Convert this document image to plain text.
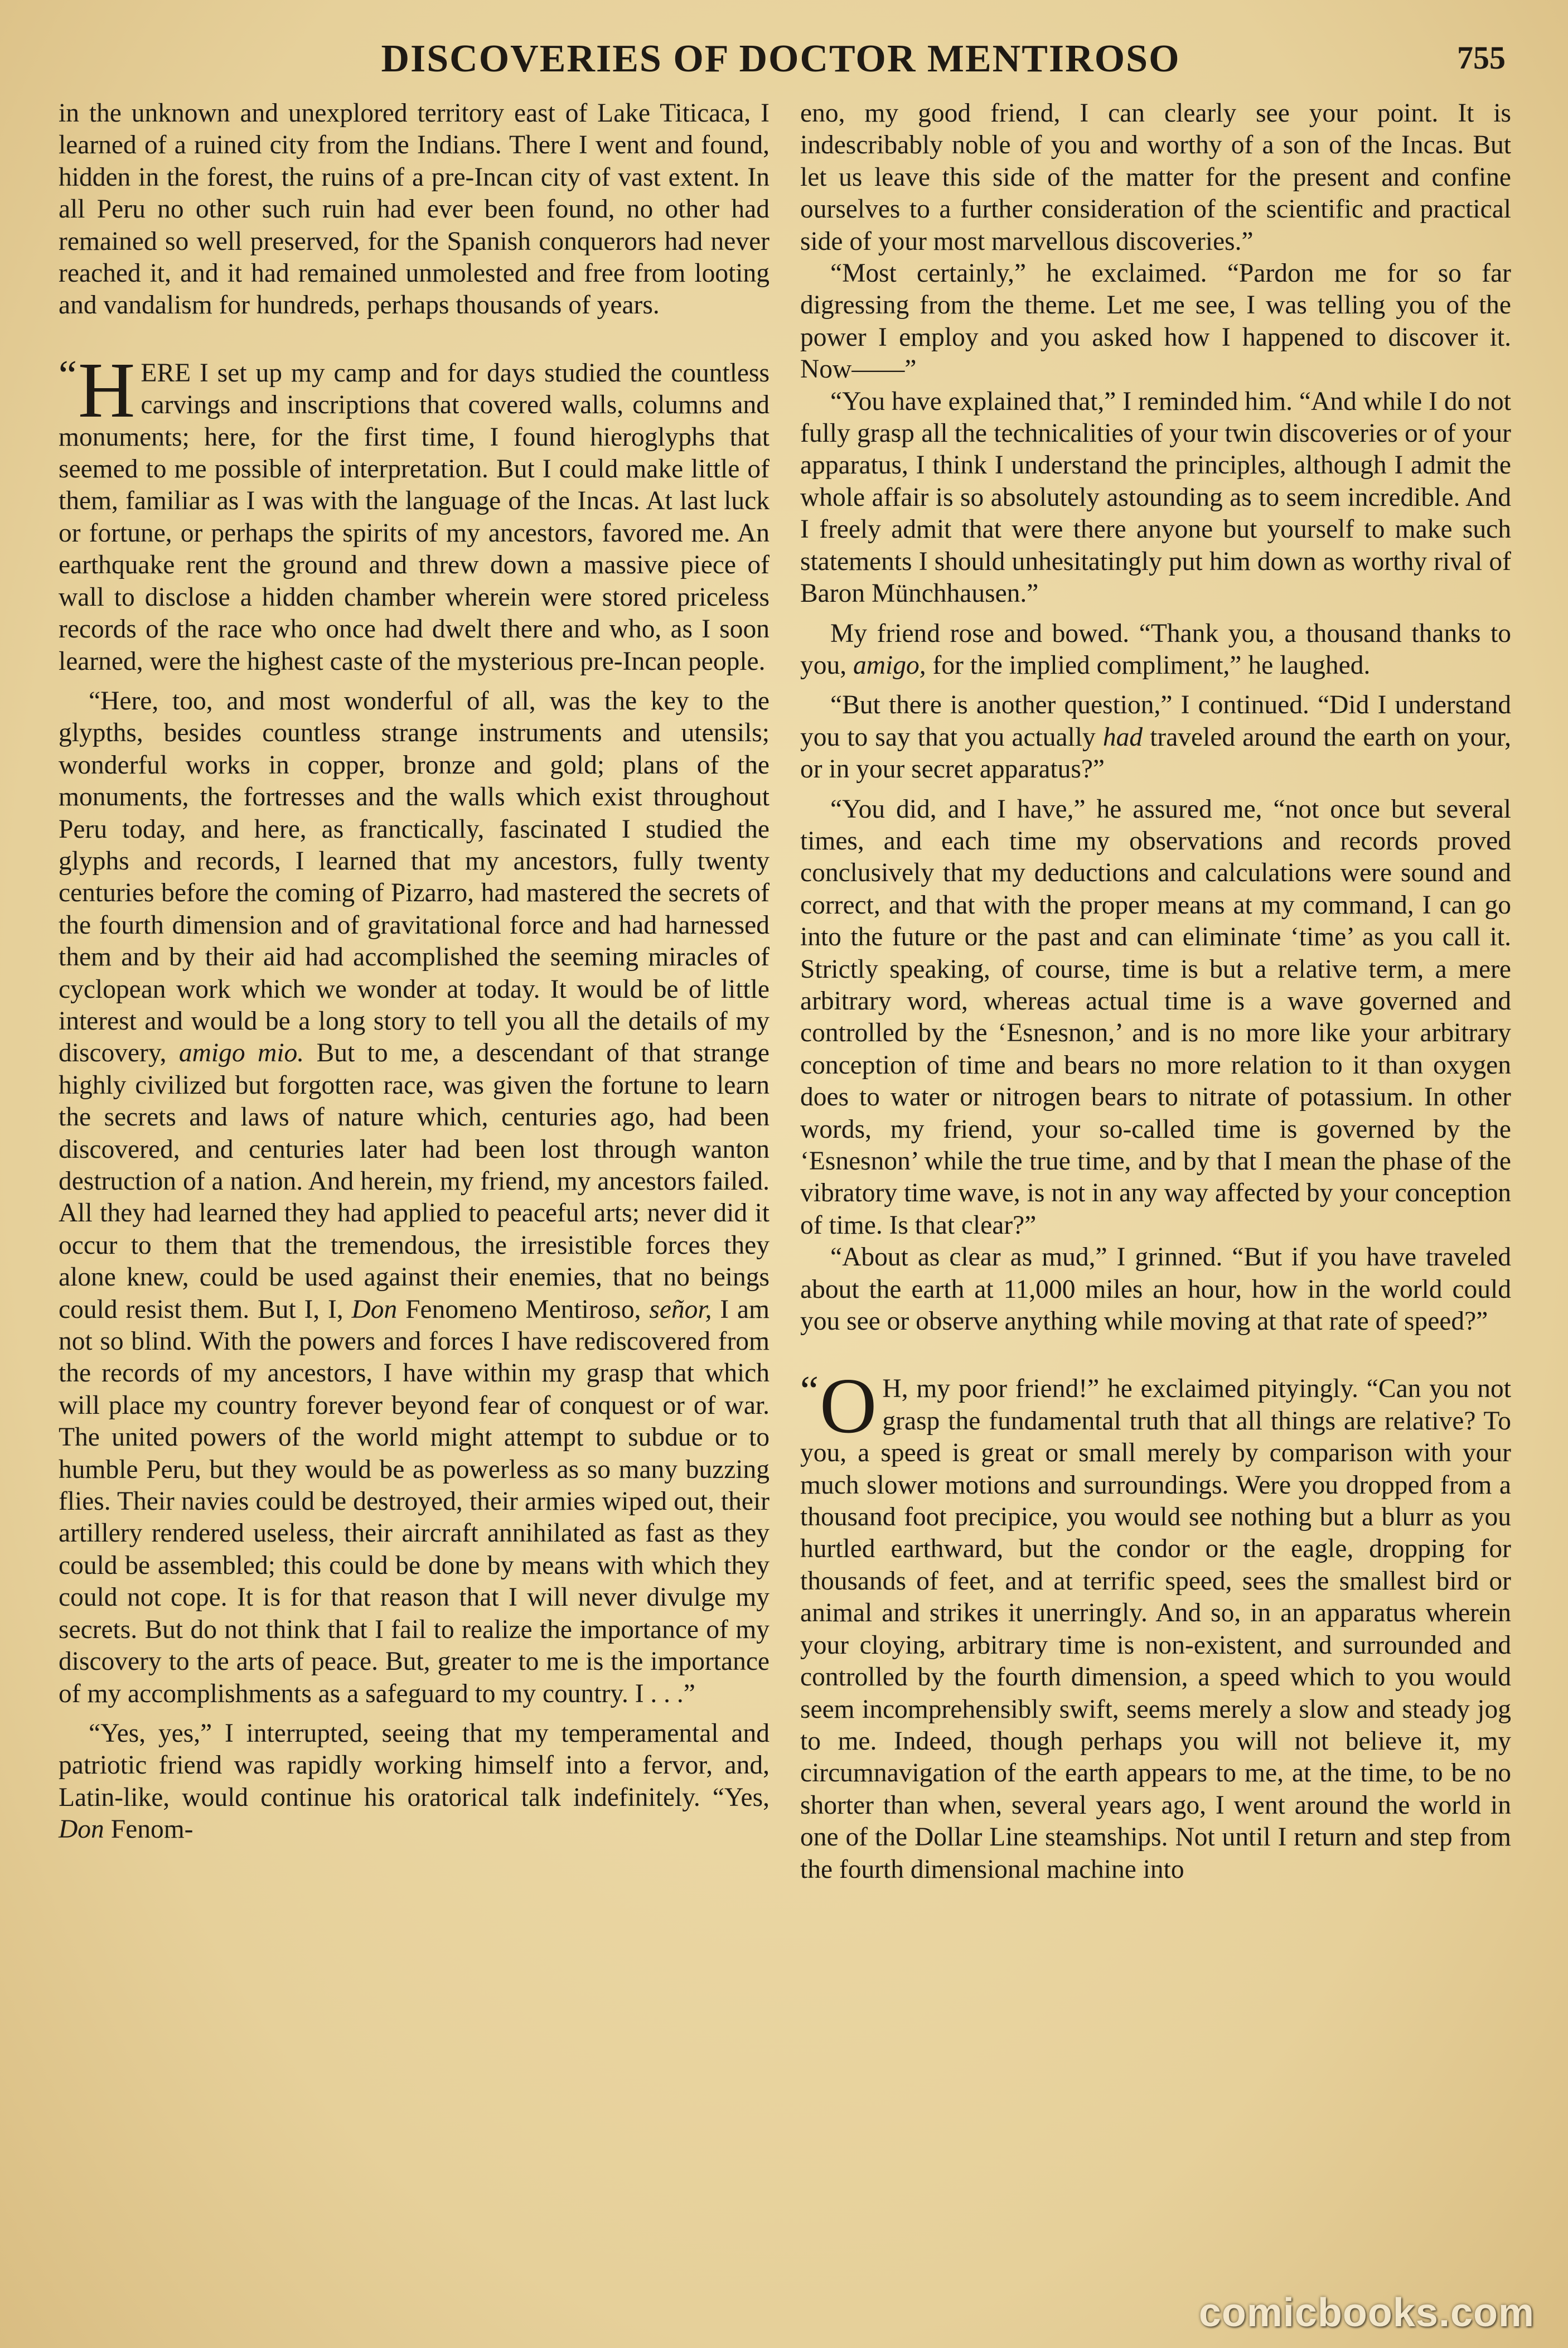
DISCOVERIES OF DOCTOR MENTIROSO	755

in the unknown and unexplored territory east of Lake Titicaca, I learned of a ruined city from the Indians. There I went and found, hidden in the forest, the ruins of a pre-Incan city of vast extent. In all Peru no other such ruin had ever been found, no other had remained so well preserved, for the Spanish conquerors had never reached it, and it had remained unmolested and free from looting and vandalism for hundreds, perhaps thousands of years.

“H ERE I set up my camp and for days studied the countless carvings and inscriptions that covered walls, columns and monuments; here, for the first time, I found hieroglyphs that seemed to me possible of interpretation. But I could make little of them, familiar as I was with the language of the Incas. At last luck or fortune, or perhaps the spirits of my ancestors, favored me. An earthquake rent the ground and threw down a massive piece of wall to disclose a hidden chamber wherein were stored priceless records of the race who once had dwelt there and who, as I soon learned, were the highest caste of the mysterious pre-Incan people.

“Here, too, and most wonderful of all, was the key to the glypths, besides countless strange instruments and utensils; wonderful works in copper, bronze and gold; plans of the monuments, the fortresses and the walls which exist throughout Peru today, and here, as franctically, fascinated I studied the glyphs and records, I learned that my ancestors, fully twenty centuries before the coming of Pizarro, had mastered the secrets of the fourth dimension and of gravitational force and had harnessed them and by their aid had accomplished the seeming miracles of cyclopean work which we wonder at today. It would be of little interest and would be a long story to tell you all the details of my discovery, amigo mio. But to me, a descendant of that strange highly civilized but forgotten race, was given the fortune to learn the secrets and laws of nature which, centuries ago, had been discovered, and centuries later had been lost through wanton destruction of a nation. And herein, my friend, my ancestors failed. All they had learned they had applied to peaceful arts; never did it occur to them that the tremendous, the irresistible forces they alone knew, could be used against their enemies, that no beings could resist them. But I, I, Don Fenomeno Mentiroso, señor, I am not so blind. With the powers and forces I have rediscovered from the records of my ancestors, I have within my grasp that which will place my country forever beyond fear of conquest or of war. The united powers of the world might attempt to subdue or to humble Peru, but they would be as powerless as so many buzzing flies. Their navies could be destroyed, their armies wiped out, their artillery rendered useless, their aircraft annihilated as fast as they could be assembled; this could be done by means with which they could not cope. It is for that reason that I will never divulge my secrets. But do not think that I fail to realize the importance of my discovery to the arts of peace. But, greater to me is the importance of my accomplishments as a safeguard to my country. I . . .”

“Yes, yes,” I interrupted, seeing that my temperamental and patriotic friend was rapidly working himself into a fervor, and, Latin-like, would continue his oratorical talk indefinitely. “Yes, Don Fenom-

eno, my good friend, I can clearly see your point. It is indescribably noble of you and worthy of a son of the Incas. But let us leave this side of the matter for the present and confine ourselves to a further consideration of the scientific and practical side of your most marvellous discoveries.”

“Most certainly,” he exclaimed. “Pardon me for so far digressing from the theme. Let me see, I was telling you of the power I employ and you asked how I happened to discover it. Now——”

“You have explained that,” I reminded him. “And while I do not fully grasp all the technicalities of your twin discoveries or of your apparatus, I think I understand the principles, although I admit the whole affair is so absolutely astounding as to seem incredible. And I freely admit that were there anyone but yourself to make such statements I should unhesitatingly put him down as worthy rival of Baron Münchhausen.”

My friend rose and bowed. “Thank you, a thousand thanks to you, amigo, for the implied compliment,” he laughed.

“But there is another question,” I continued. “Did I understand you to say that you actually had traveled around the earth on your, or in your secret apparatus?”

“You did, and I have,” he assured me, “not once but several times, and each time my observations and records proved conclusively that my deductions and calculations were sound and correct, and that with the proper means at my command, I can go into the future or the past and can eliminate ‘time’ as you call it. Strictly speaking, of course, time is but a relative term, a mere arbitrary word, whereas actual time is a wave governed and controlled by the ‘Esnesnon,’ and is no more like your arbitrary conception of time and bears no more relation to it than oxygen does to water or nitrogen bears to nitrate of potassium. In other words, my friend, your so-called time is governed by the ‘Esnesnon’ while the true time, and by that I mean the phase of the vibratory time wave, is not in any way affected by your conception of time. Is that clear?”

“About as clear as mud,” I grinned. “But if you have traveled about the earth at 11,000 miles an hour, how in the world could you see or observe anything while moving at that rate of speed?”

“O H, my poor friend!” he exclaimed pityingly. “Can you not grasp the fundamental truth that all things are relative? To you, a speed is great or small merely by comparison with your much slower motions and surroundings. Were you dropped from a thousand foot precipice, you would see nothing but a blurr as you hurtled earthward, but the condor or the eagle, dropping for thousands of feet, and at terrific speed, sees the smallest bird or animal and strikes it unerringly. And so, in an apparatus wherein your cloying, arbitrary time is non-existent, and surrounded and controlled by the fourth dimension, a speed which to you would seem incomprehensibly swift, seems merely a slow and steady jog to me. Indeed, though perhaps you will not believe it, my circumnavigation of the earth appears to me, at the time, to be no shorter than when, several years ago, I went around the world in one of the Dollar Line steamships. Not until I return and step from the fourth dimensional machine into

comicbooks.com
